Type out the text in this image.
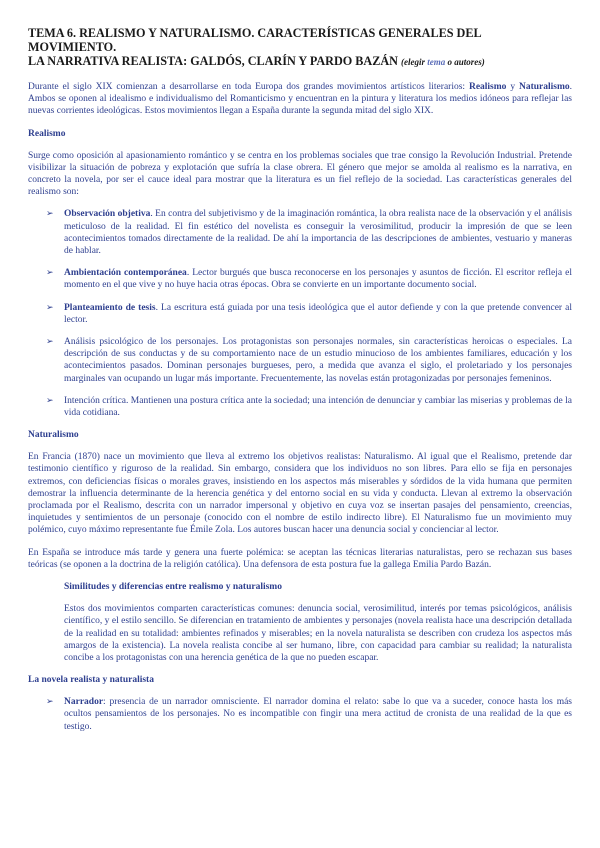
TEMA 6. REALISMO Y NATURALISMO. CARACTERÍSTICAS GENERALES DEL MOVIMIENTO.
LA NARRATIVA REALISTA: GALDÓS, CLARÍN Y PARDO BAZÁN (elegir tema o autores)

Durante el siglo XIX comienzan a desarrollarse en toda Europa dos grandes movimientos artísticos literarios: Realismo y Naturalismo. Ambos se oponen al idealismo e individualismo del Romanticismo y encuentran en la pintura y literatura los medios idóneos para reflejar las nuevas corrientes ideológicas. Estos movimientos llegan a España durante la segunda mitad del siglo XIX.

Realismo

Surge como oposición al apasionamiento romántico y se centra en los problemas sociales que trae consigo la Revolución Industrial. Pretende visibilizar la situación de pobreza y explotación que sufría la clase obrera. El género que mejor se amolda al realismo es la narrativa, en concreto la novela, por ser el cauce ideal para mostrar que la literatura es un fiel reflejo de la sociedad. Las características generales del realismo son:

➢ Observación objetiva. En contra del subjetivismo y de la imaginación romántica, la obra realista nace de la observación y el análisis meticuloso de la realidad. El fin estético del novelista es conseguir la verosimilitud, producir la impresión de que se leen acontecimientos tomados directamente de la realidad. De ahí la importancia de las descripciones de ambientes, vestuario y maneras de hablar.
➢ Ambientación contemporánea. Lector burgués que busca reconocerse en los personajes y asuntos de ficción. El escritor refleja el momento en el que vive y no huye hacia otras épocas. Obra se convierte en un importante documento social.
➢ Planteamiento de tesis. La escritura está guiada por una tesis ideológica que el autor defiende y con la que pretende convencer al lector.
➢ Análisis psicológico de los personajes. Los protagonistas son personajes normales, sin características heroicas o especiales. La descripción de sus conductas y de su comportamiento nace de un estudio minucioso de los ambientes familiares, educación y los acontecimientos pasados. Dominan personajes burgueses, pero, a medida que avanza el siglo, el proletariado y los personajes marginales van ocupando un lugar más importante. Frecuentemente, las novelas están protagonizadas por personajes femeninos.
➢ Intención crítica. Mantienen una postura crítica ante la sociedad; una intención de denunciar y cambiar las miserias y problemas de la vida cotidiana.
Naturalismo

En Francia (1870) nace un movimiento que lleva al extremo los objetivos realistas: Naturalismo. Al igual que el Realismo, pretende dar testimonio científico y riguroso de la realidad. Sin embargo, considera que los individuos no son libres. Para ello se fija en personajes extremos, con deficiencias físicas o morales graves, insistiendo en los aspectos más miserables y sórdidos de la vida humana que permiten demostrar la influencia determinante de la herencia genética y del entorno social en su vida y conducta. Llevan al extremo la observación proclamada por el Realismo, descrita con un narrador impersonal y objetivo en cuya voz se insertan pasajes del pensamiento, creencias, inquietudes y sentimientos de un personaje (conocido con el nombre de estilo indirecto libre). El Naturalismo fue un movimiento muy polémico, cuyo máximo representante fue Émile Zola. Los autores buscan hacer una denuncia social y concienciar al lector.

En España se introduce más tarde y genera una fuerte polémica: se aceptan las técnicas literarias naturalistas, pero se rechazan sus bases teóricas (se oponen a la doctrina de la religión católica). Una defensora de esta postura fue la gallega Emilia Pardo Bazán.

Similitudes y diferencias entre realismo y naturalismo

Estos dos movimientos comparten características comunes: denuncia social, verosimilitud, interés por temas psicológicos, análisis científico, y el estilo sencillo. Se diferencian en tratamiento de ambientes y personajes (novela realista hace una descripción detallada de la realidad en su totalidad: ambientes refinados y miserables; en la novela naturalista se describen con crudeza los aspectos más amargos de la existencia). La novela realista concibe al ser humano, libre, con capacidad para cambiar su realidad; la naturalista concibe a los protagonistas con una herencia genética de la que no pueden escapar.

La novela realista y naturalista
➢ Narrador: presencia de un narrador omnisciente. El narrador domina el relato: sabe lo que va a suceder, conoce hasta los más ocultos pensamientos de los personajes. No es incompatible con fingir una mera actitud de cronista de una realidad de la que es testigo.
